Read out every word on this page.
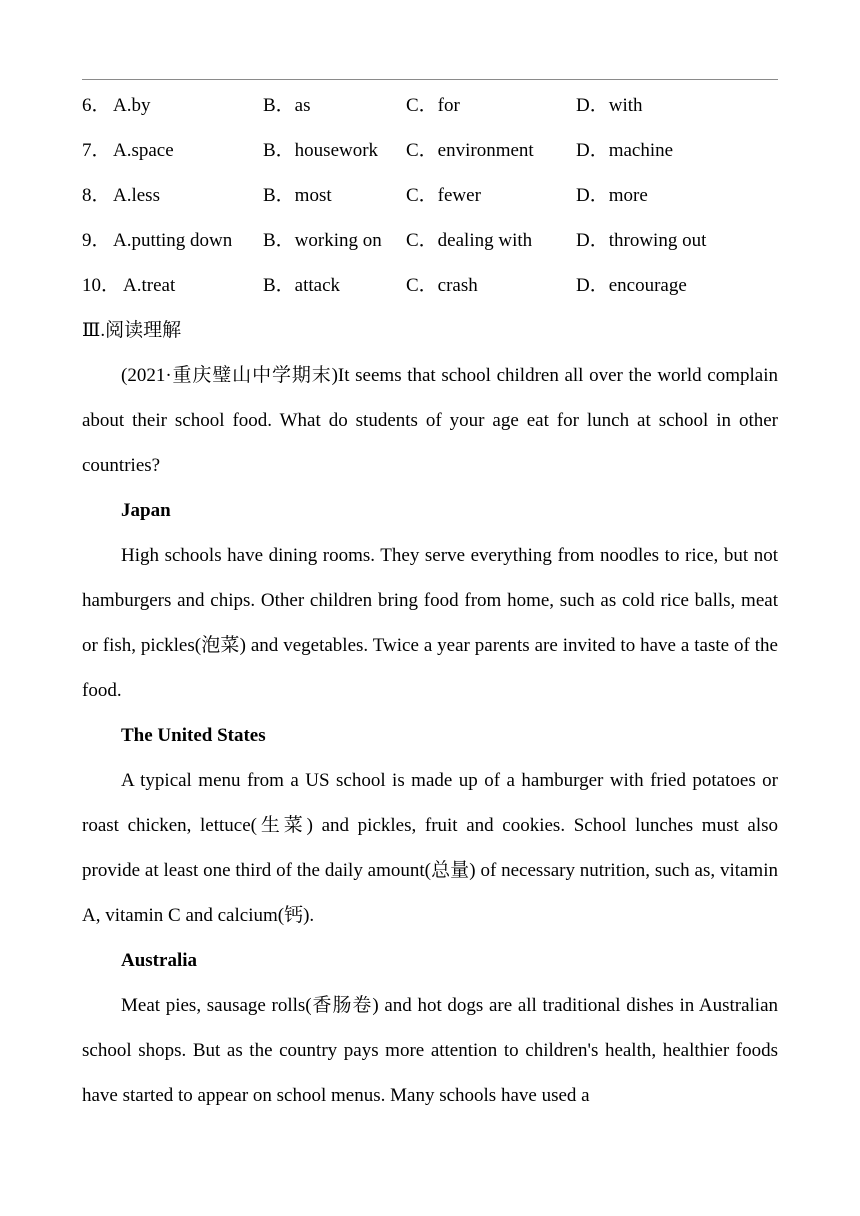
6． A.by	B．as	C．for	D．with
7． A.space	B．housework C．environment D．machine
8． A.less	B．most	C．fewer	D．more
9． A.putting down B．working on C．dealing with D．throwing out
10． A.treat	B．attack	C．crash	D．encourage
Ⅲ.阅读理解

(2021·重庆璧山中学期末)It seems that school children all over the world complain about their school food. What do students of your age eat for lunch at school in other countries?

Japan

High schools have dining rooms. They serve everything from noodles to rice, but not hamburgers and chips. Other children bring food from home, such as cold rice balls, meat or fish, pickles(泡菜) and vegetables. Twice a year parents are invited to have a taste of the food.

The United States

A typical menu from a US school is made up of a hamburger with fried potatoes or roast chicken, lettuce(生菜) and pickles, fruit and cookies. School lunches must also provide at least one third of the daily amount(总量) of necessary nutrition, such as, vitamin A, vitamin C and calcium(钙).

Australia

Meat pies, sausage rolls(香肠卷) and hot dogs are all traditional dishes in Australian school shops. But as the country pays more attention to children's health, healthier foods have started to appear on school menus. Many schools have used a
